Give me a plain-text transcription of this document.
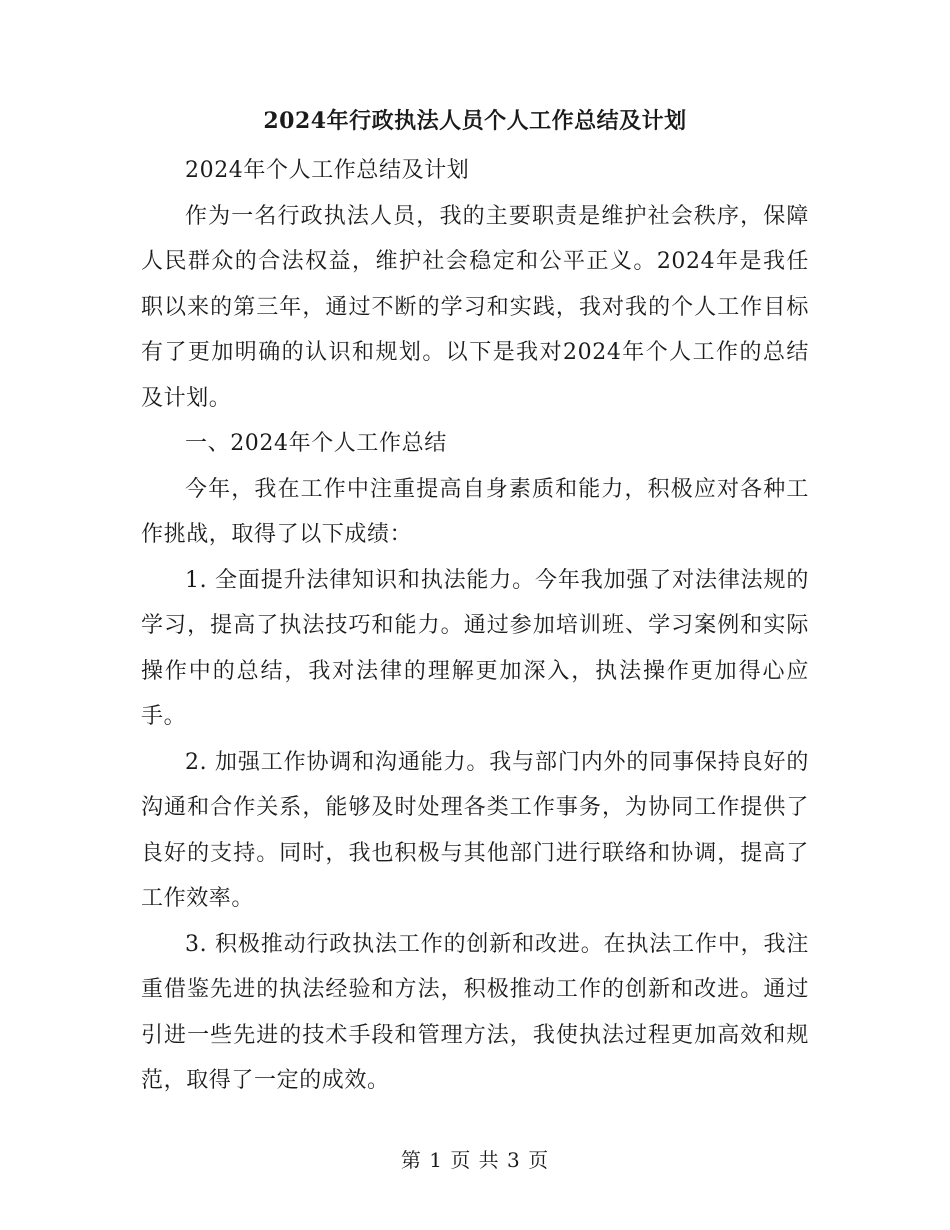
2024年行政执法人员个人工作总结及计划

2024年个人工作总结及计划

作为一名行政执法人员，我的主要职责是维护社会秩序，保障人民群众的合法权益，维护社会稳定和公平正义。2024年是我任职以来的第三年，通过不断的学习和实践，我对我的个人工作目标有了更加明确的认识和规划。以下是我对2024年个人工作的总结及计划。

一、2024年个人工作总结

今年，我在工作中注重提高自身素质和能力，积极应对各种工作挑战，取得了以下成绩：

1. 全面提升法律知识和执法能力。今年我加强了对法律法规的学习，提高了执法技巧和能力。通过参加培训班、学习案例和实际操作中的总结，我对法律的理解更加深入，执法操作更加得心应手。

2. 加强工作协调和沟通能力。我与部门内外的同事保持良好的沟通和合作关系，能够及时处理各类工作事务，为协同工作提供了良好的支持。同时，我也积极与其他部门进行联络和协调，提高了工作效率。

3. 积极推动行政执法工作的创新和改进。在执法工作中，我注重借鉴先进的执法经验和方法，积极推动工作的创新和改进。通过引进一些先进的技术手段和管理方法，我使执法过程更加高效和规范，取得了一定的成效。

第 1 页 共 3 页
